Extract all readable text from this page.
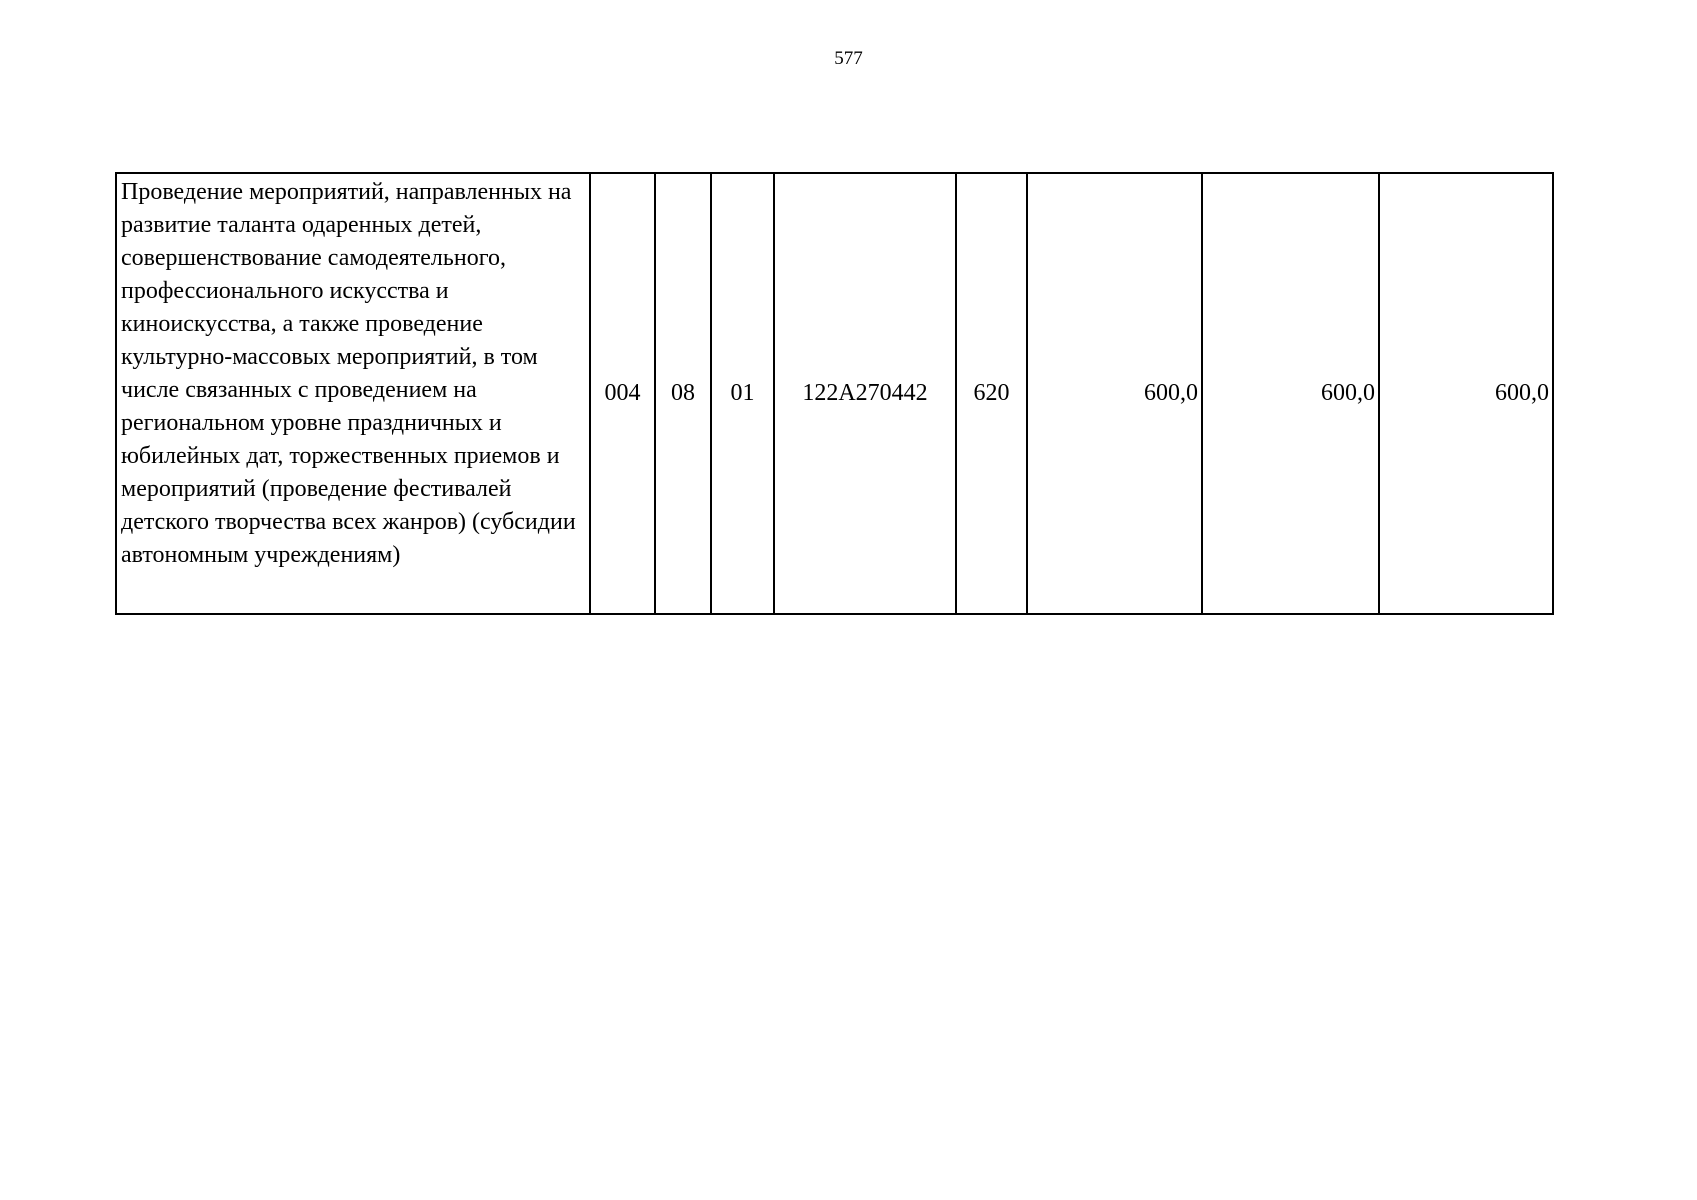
577
Проведение мероприятий, направленных на развитие таланта одаренных детей, совершенствование самодеятельного, профессионального искусства и киноискусства, а также проведение культурно-массовых мероприятий, в том числе связанных с проведением на региональном уровне праздничных и юбилейных дат, торжественных приемов и мероприятий (проведение фестивалей детского творчества всех жанров) (субсидии автономным учреждениям)
	004	08	01	122A270442	620	600,0	600,0	600,0
